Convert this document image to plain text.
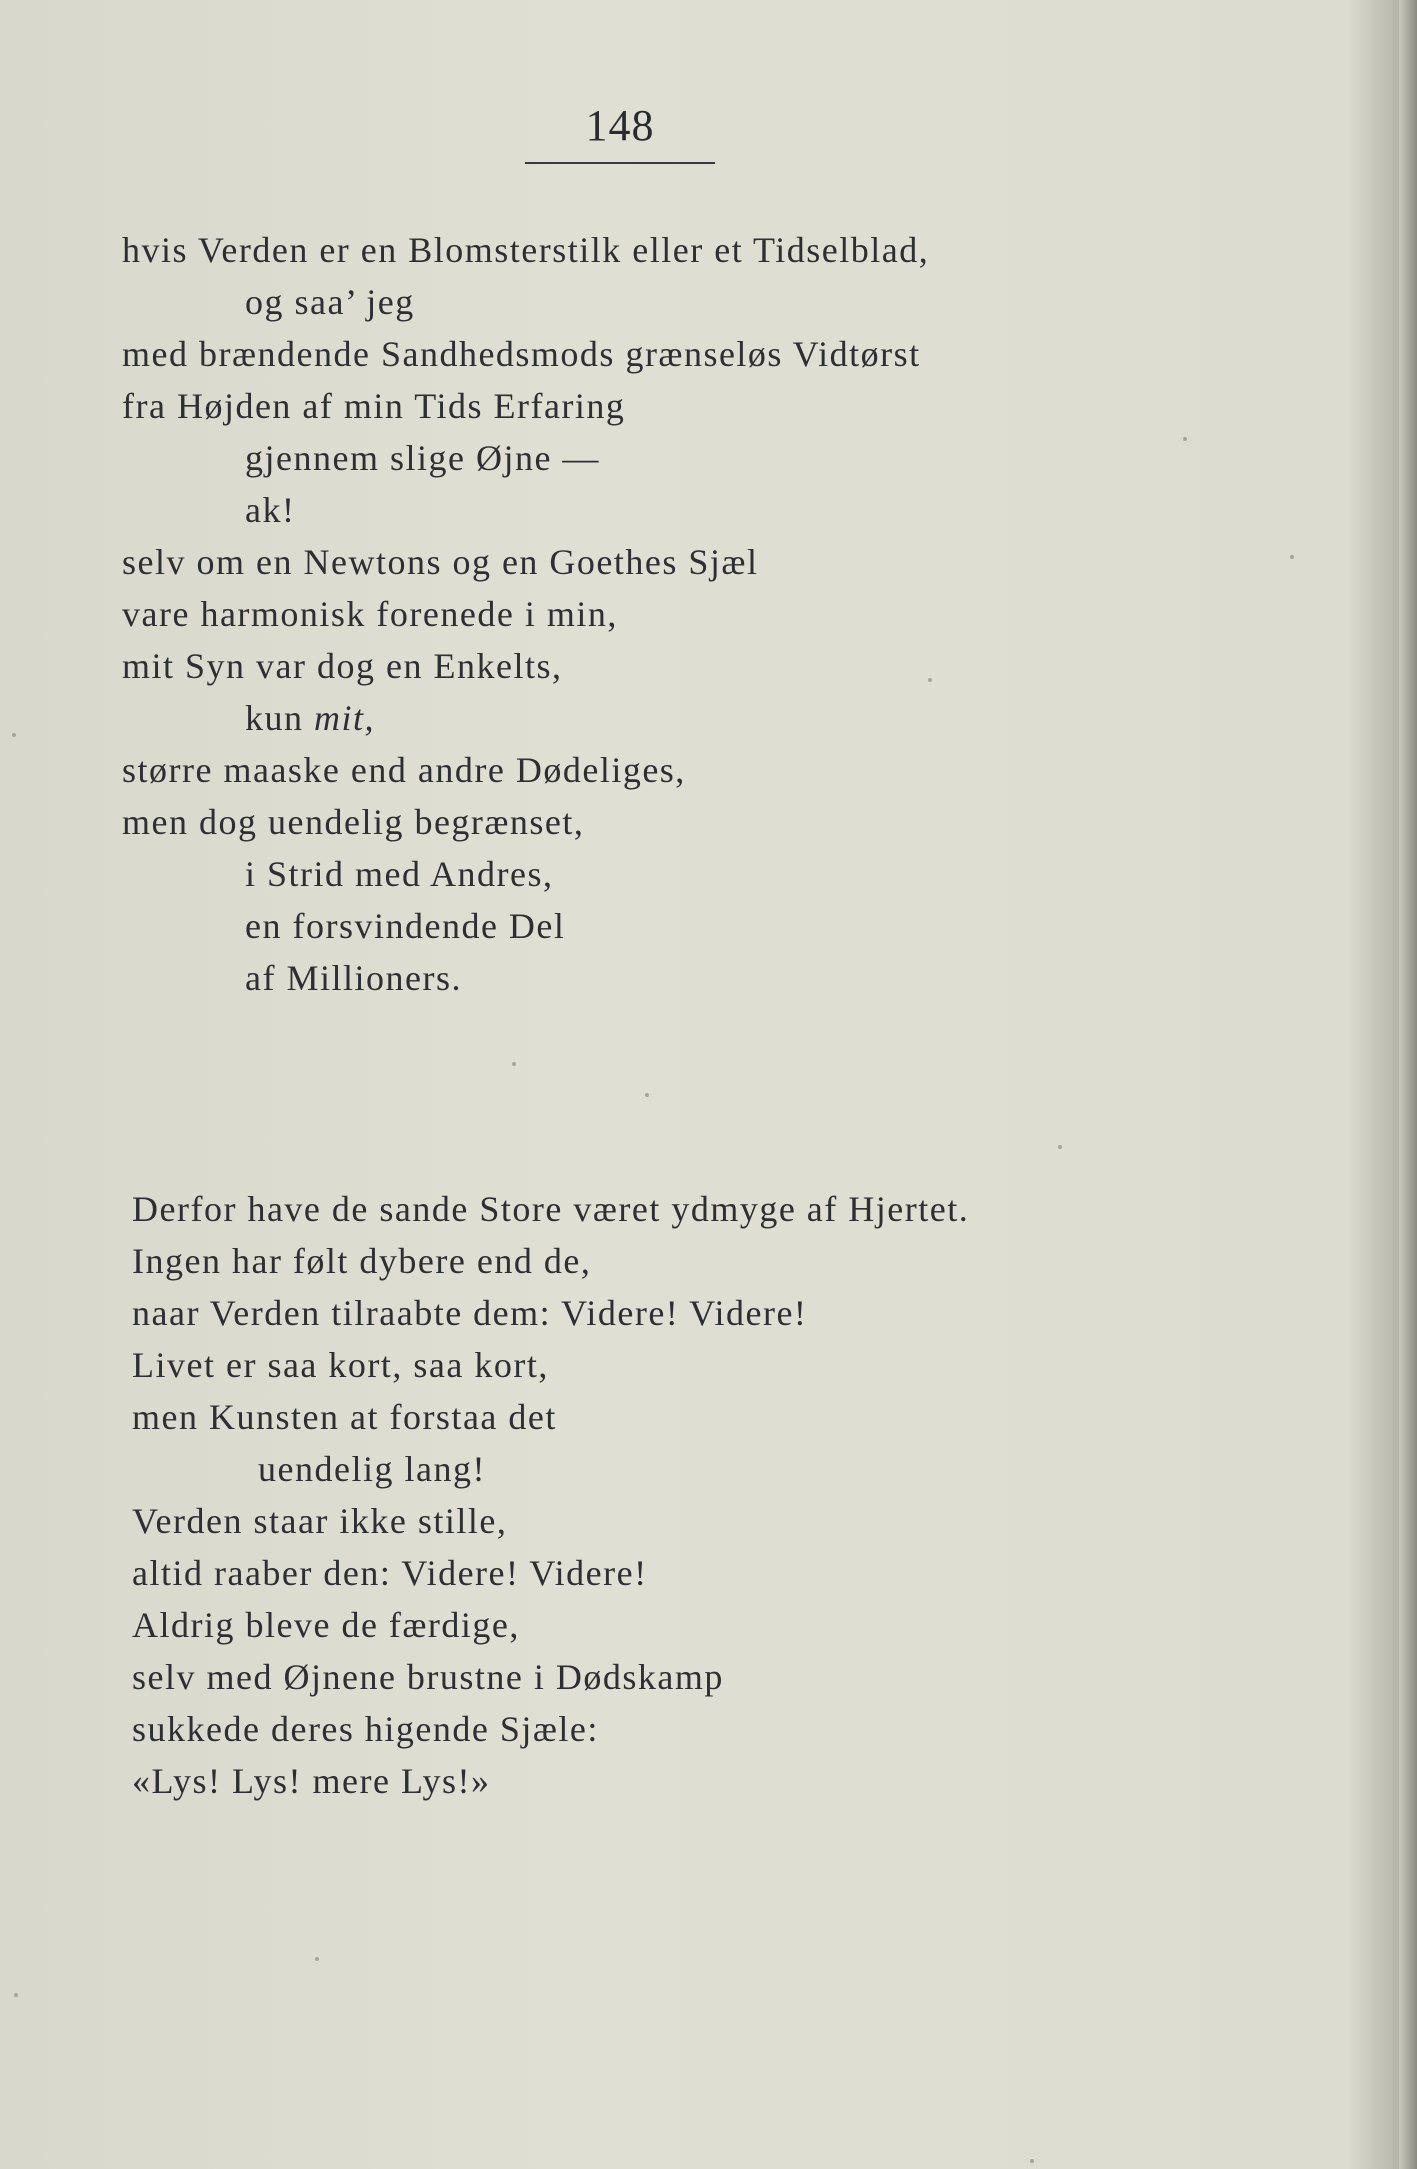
148
hvis Verden er en Blomsterstilk eller et Tidselblad,
og saa’ jeg
med brændende Sandhedsmods grænseløs Vidtørst
fra Højden af min Tids Erfaring
gjennem slige Øjne —
ak!
selv om en Newtons og en Goethes Sjæl
vare harmonisk forenede i min,
mit Syn var dog en Enkelts,
kun mit,
større maaske end andre Dødeliges,
men dog uendelig begrænset,
i Strid med Andres,
en forsvindende Del
af Millioners.
Derfor have de sande Store været ydmyge af Hjertet.
Ingen har følt dybere end de,
naar Verden tilraabte dem: Videre! Videre!
Livet er saa kort, saa kort,
men Kunsten at forstaa det
uendelig lang!
Verden staar ikke stille,
altid raaber den: Videre! Videre!
Aldrig bleve de færdige,
selv med Øjnene brustne i Dødskamp
sukkede deres higende Sjæle:
«Lys! Lys! mere Lys!»
